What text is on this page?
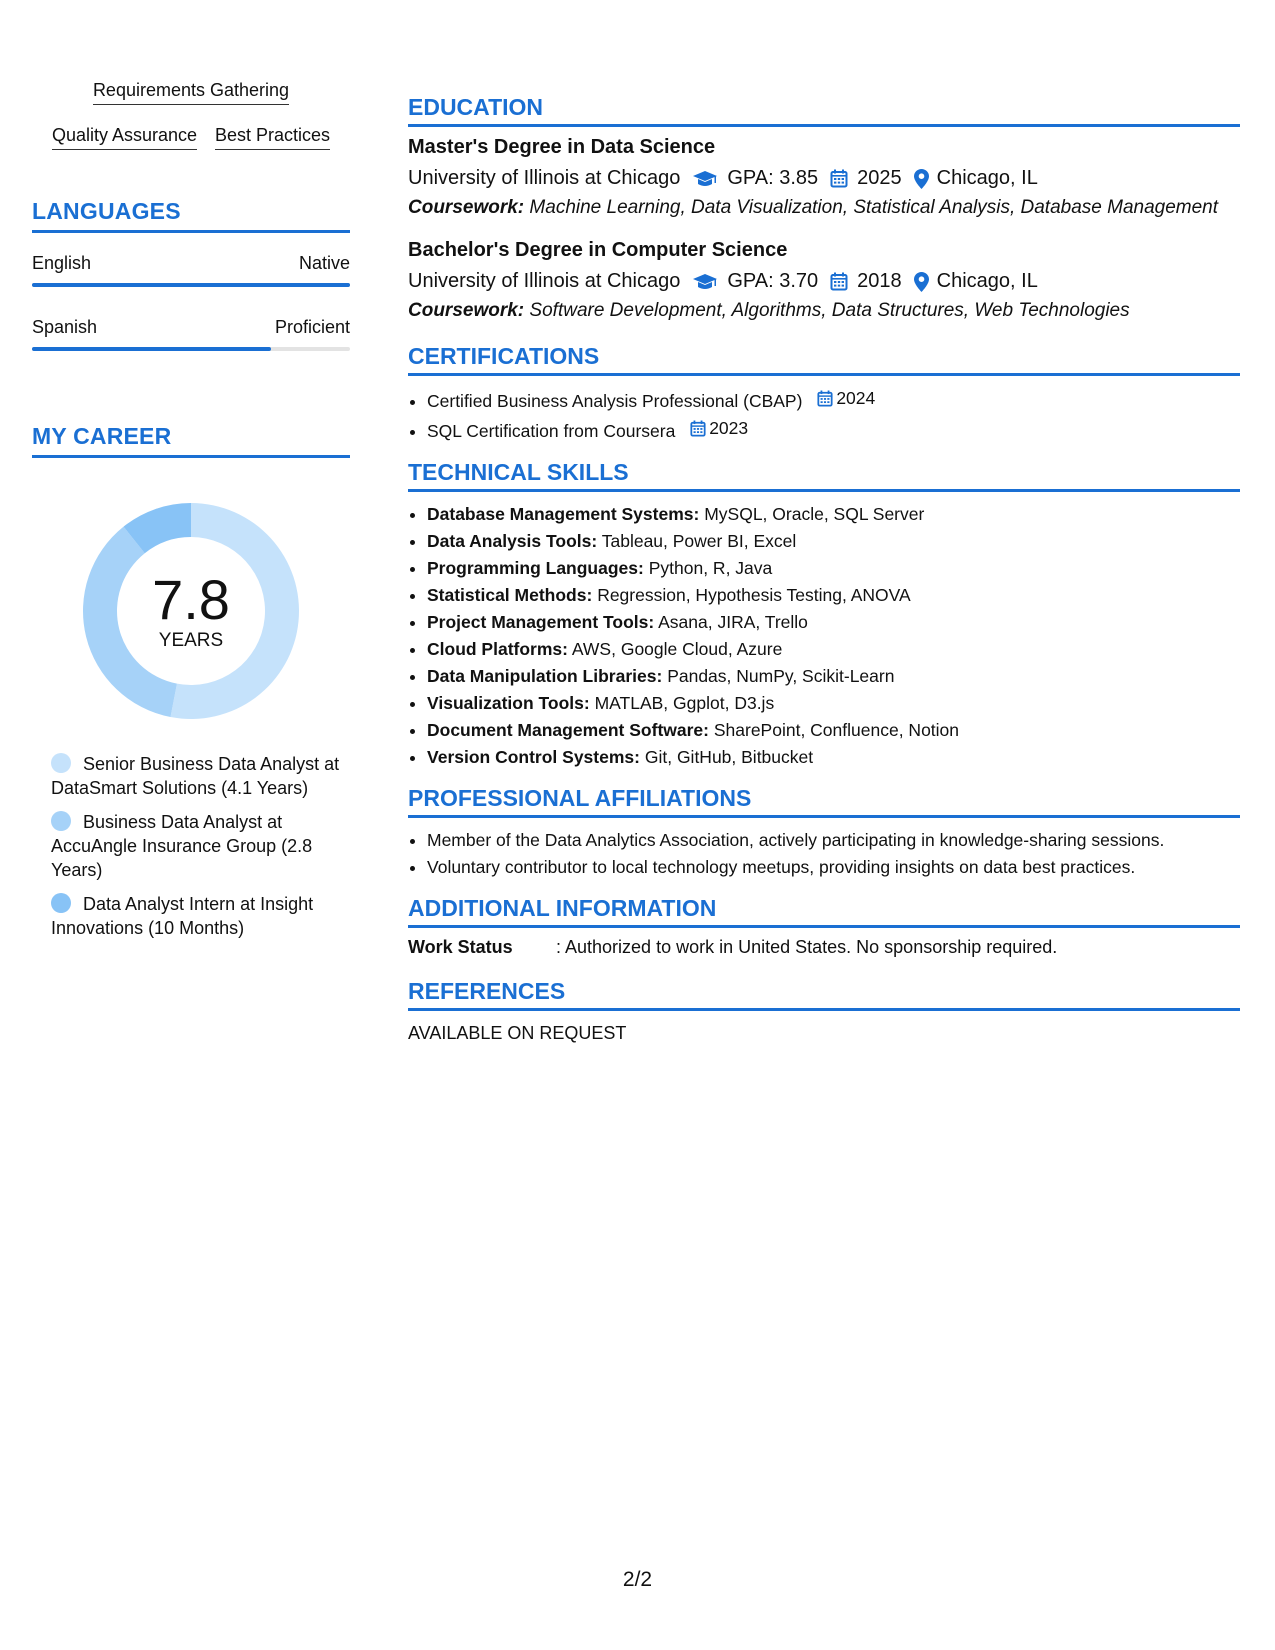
Requirements Gathering
Quality Assurance Best Practices
LANGUAGES
English	Native
Spanish	Proficient
MY CAREER
7.8
YEARS
Senior Business Data Analyst at DataSmart Solutions (4.1 Years)
Business Data Analyst at AccuAngle Insurance Group (2.8 Years)
Data Analyst Intern at Insight Innovations (10 Months)
EDUCATION
Master's Degree in Data Science
University of Illinois at Chicago GPA: 3.85 2025 Chicago, IL
Coursework: Machine Learning, Data Visualization, Statistical Analysis, Database Management
Bachelor's Degree in Computer Science
University of Illinois at Chicago GPA: 3.70 2018 Chicago, IL
Coursework: Software Development, Algorithms, Data Structures, Web Technologies
CERTIFICATIONS
• Certified Business Analysis Professional (CBAP) 2024
• SQL Certification from Coursera 2023
TECHNICAL SKILLS
• Database Management Systems: MySQL, Oracle, SQL Server
• Data Analysis Tools: Tableau, Power BI, Excel
• Programming Languages: Python, R, Java
• Statistical Methods: Regression, Hypothesis Testing, ANOVA
• Project Management Tools: Asana, JIRA, Trello
• Cloud Platforms: AWS, Google Cloud, Azure
• Data Manipulation Libraries: Pandas, NumPy, Scikit-Learn
• Visualization Tools: MATLAB, Ggplot, D3.js
• Document Management Software: SharePoint, Confluence, Notion
• Version Control Systems: Git, GitHub, Bitbucket
PROFESSIONAL AFFILIATIONS
• Member of the Data Analytics Association, actively participating in knowledge-sharing sessions.
• Voluntary contributor to local technology meetups, providing insights on data best practices.
ADDITIONAL INFORMATION
Work Status	: Authorized to work in United States. No sponsorship required.
REFERENCES
AVAILABLE ON REQUEST
2/2
